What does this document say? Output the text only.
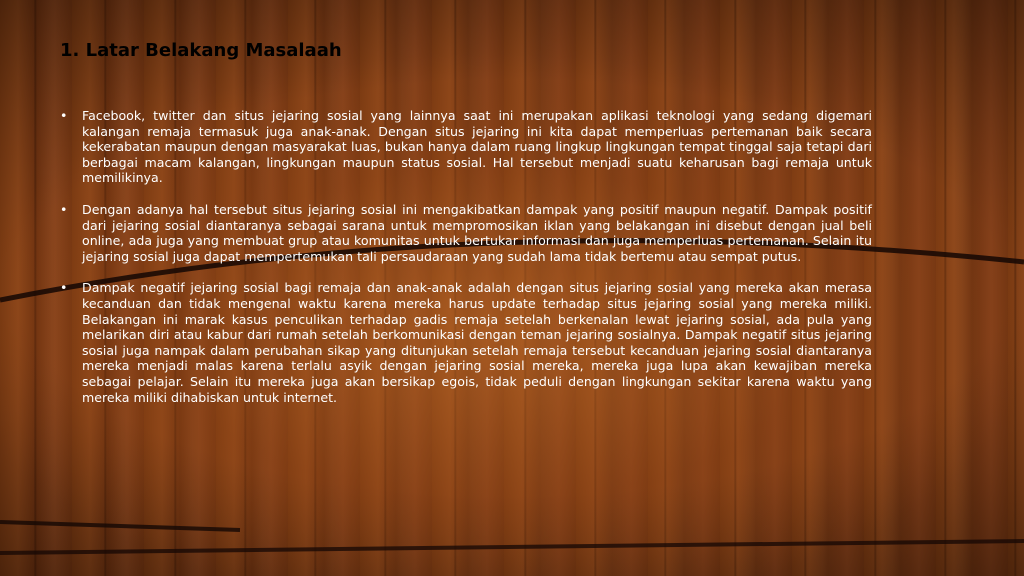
1. Latar Belakang Masalaah
• Facebook, twitter dan situs jejaring sosial yang lainnya saat ini merupakan aplikasi teknologi yang sedang digemari kalangan remaja termasuk juga anak-anak. Dengan situs jejaring ini kita dapat memperluas pertemanan baik secara kekerabatan maupun dengan masyarakat luas, bukan hanya dalam ruang lingkup lingkungan tempat tinggal saja tetapi dari berbagai macam kalangan, lingkungan maupun status sosial. Hal tersebut menjadi suatu keharusan bagi remaja untuk memilikinya.
• Dengan adanya hal tersebut situs jejaring sosial ini mengakibatkan dampak yang positif maupun negatif. Dampak positif dari jejaring sosial diantaranya sebagai sarana untuk mempromosikan iklan yang belakangan ini disebut dengan jual beli online, ada juga yang membuat grup atau komunitas untuk bertukar informasi dan juga memperluas pertemanan. Selain itu jejaring sosial juga dapat mempertemukan tali persaudaraan yang sudah lama tidak bertemu atau sempat putus.
• Dampak negatif jejaring sosial bagi remaja dan anak-anak adalah dengan situs jejaring sosial yang mereka akan merasa kecanduan dan tidak mengenal waktu karena mereka harus update terhadap situs jejaring sosial yang mereka miliki. Belakangan ini marak kasus penculikan terhadap gadis remaja setelah berkenalan lewat jejaring sosial, ada pula yang melarikan diri atau kabur dari rumah setelah berkomunikasi dengan teman jejaring sosialnya. Dampak negatif situs jejaring sosial juga nampak dalam perubahan sikap yang ditunjukan setelah remaja tersebut kecanduan jejaring sosial diantaranya mereka menjadi malas karena terlalu asyik dengan jejaring sosial mereka, mereka juga lupa akan kewajiban mereka sebagai pelajar. Selain itu mereka juga akan bersikap egois, tidak peduli dengan lingkungan sekitar karena waktu yang mereka miliki dihabiskan untuk internet.
